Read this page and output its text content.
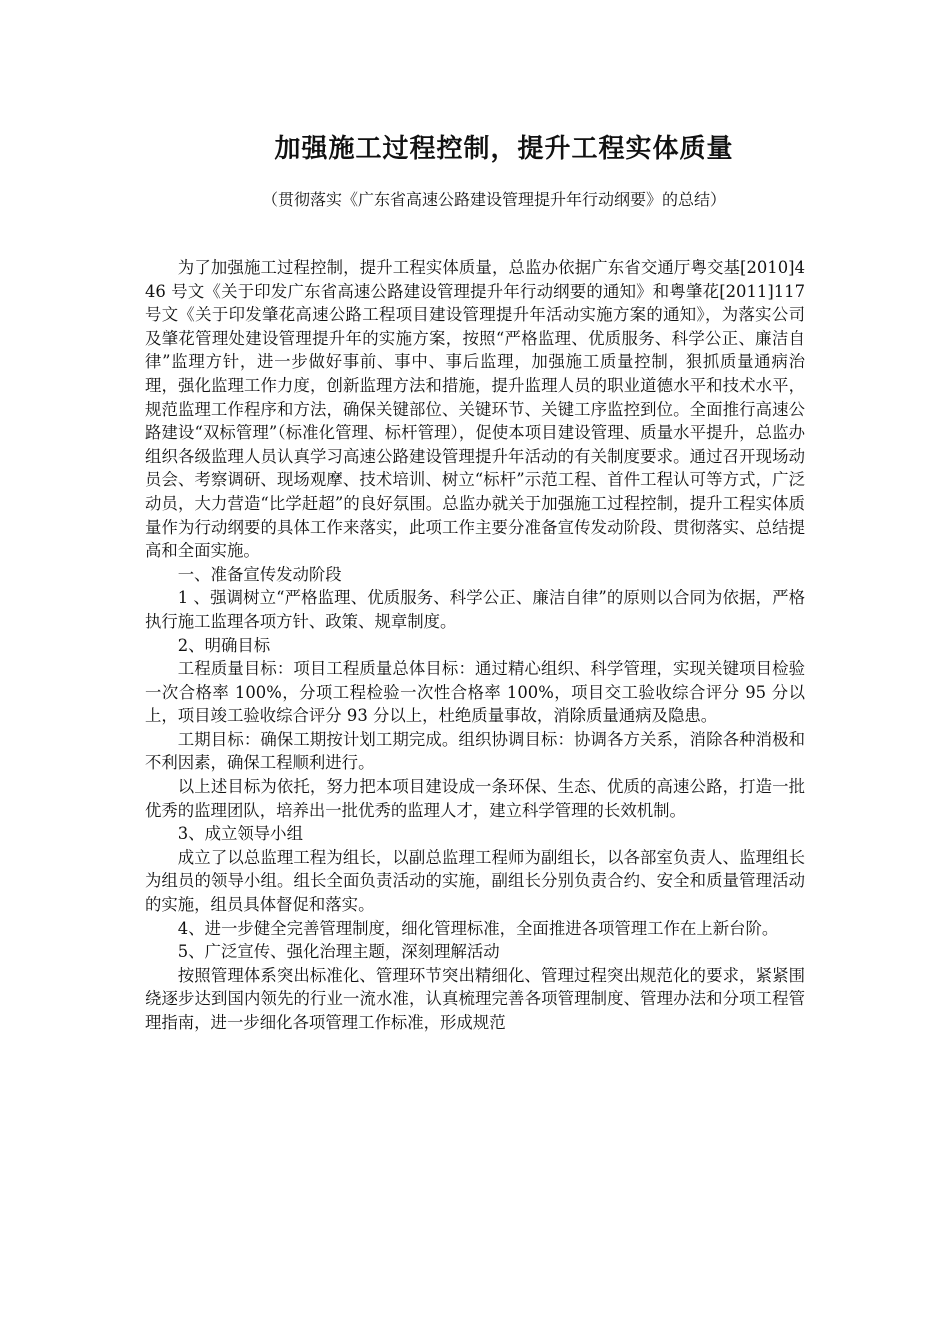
加强施工过程控制，提升工程实体质量
（贯彻落实《广东省高速公路建设管理提升年行动纲要》的总结）

为了加强施工过程控制，提升工程实体质量，总监办依据广东省交通厅粤交基[2010]446 号文《关于印发广东省高速公路建设管理提升年行动纲要的通知》和粤肇花[2011]117 号文《关于印发肇花高速公路工程项目建设管理提升年活动实施方案的通知》，为落实公司及肇花管理处建设管理提升年的实施方案，按照“严格监理、优质服务、科学公正、廉洁自律”监理方针，进一步做好事前、事中、事后监理，加强施工质量控制，狠抓质量通病治理，强化监理工作力度，创新监理方法和措施，提升监理人员的职业道德水平和技术水平，规范监理工作程序和方法，确保关键部位、关键环节、关键工序监控到位。全面推行高速公路建设“双标管理”（标准化管理、标杆管理），促使本项目建设管理、质量水平提升，总监办组织各级监理人员认真学习高速公路建设管理提升年活动的有关制度要求。通过召开现场动员会、考察调研、现场观摩、技术培训、树立“标杆”示范工程、首件工程认可等方式，广泛动员，大力营造“比学赶超”的良好氛围。总监办就关于加强施工过程控制，提升工程实体质量作为行动纲要的具体工作来落实，此项工作主要分准备宣传发动阶段、贯彻落实、总结提高和全面实施。

一、准备宣传发动阶段

1 、强调树立“严格监理、优质服务、科学公正、廉洁自律”的原则以合同为依据，严格执行施工监理各项方针、政策、规章制度。

2、明确目标

工程质量目标：项目工程质量总体目标：通过精心组织、科学管理，实现关键项目检验一次合格率 100%，分项工程检验一次性合格率 100%，项目交工验收综合评分 95 分以上，项目竣工验收综合评分 93 分以上，杜绝质量事故，消除质量通病及隐患。

工期目标：确保工期按计划工期完成。组织协调目标：协调各方关系，消除各种消极和不利因素，确保工程顺利进行。

以上述目标为依托，努力把本项目建设成一条环保、生态、优质的高速公路，打造一批优秀的监理团队，培养出一批优秀的监理人才，建立科学管理的长效机制。

3、成立领导小组

成立了以总监理工程为组长，以副总监理工程师为副组长，以各部室负责人、监理组长为组员的领导小组。组长全面负责活动的实施，副组长分别负责合约、安全和质量管理活动的实施，组员具体督促和落实。

4、进一步健全完善管理制度，细化管理标准，全面推进各项管理工作在上新台阶。

5、广泛宣传、强化治理主题，深刻理解活动

按照管理体系突出标准化、管理环节突出精细化、管理过程突出规范化的要求，紧紧围绕逐步达到国内领先的行业一流水准，认真梳理完善各项管理制度、管理办法和分项工程管理指南，进一步细化各项管理工作标准，形成规范
